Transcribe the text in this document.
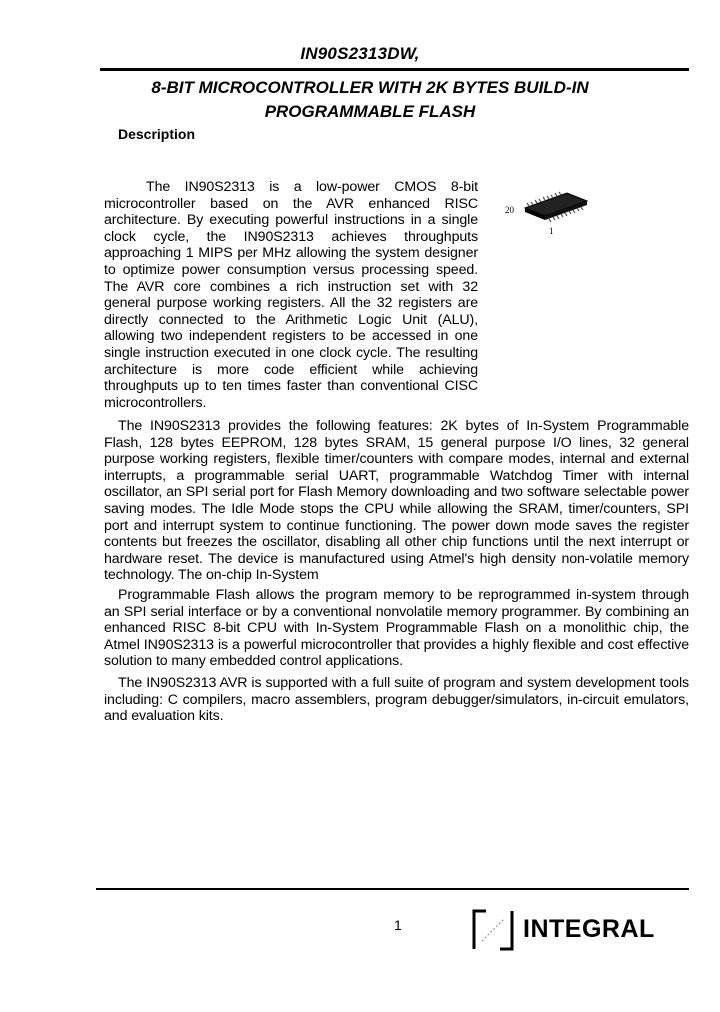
IN90S2313DW,
8-BIT MICROCONTROLLER WITH 2K BYTES BUILD-IN
PROGRAMMABLE FLASH
Description

The IN90S2313 is a low-power CMOS 8-bit microcontroller based on the AVR enhanced RISC architecture. By executing powerful instructions in a single clock cycle, the IN90S2313 achieves throughputs approaching 1 MIPS per MHz allowing the system designer to optimize power consumption versus processing speed. The AVR core combines a rich instruction set with 32 general purpose working registers. All the 32 registers are directly connected to the Arithmetic Logic Unit (ALU), allowing two independent registers to be accessed in one single instruction executed in one clock cycle. The resulting architecture is more code efficient while achieving throughputs up to ten times faster than conventional CISC microcontrollers.

20
1

The IN90S2313 provides the following features: 2K bytes of In-System Programmable Flash, 128 bytes EEPROM, 128 bytes SRAM, 15 general purpose I/O lines, 32 general purpose working registers, flexible timer/counters with compare modes, internal and external interrupts, a programmable serial UART, programmable Watchdog Timer with internal oscillator, an SPI serial port for Flash Memory downloading and two software selectable power saving modes. The Idle Mode stops the CPU while allowing the SRAM, timer/counters, SPI port and interrupt system to continue functioning. The power down mode saves the register contents but freezes the oscillator, disabling all other chip functions until the next interrupt or hardware reset. The device is manufactured using Atmel's high density non-volatile memory technology. The on-chip In-System

Programmable Flash allows the program memory to be reprogrammed in-system through an SPI serial interface or by a conventional nonvolatile memory programmer. By combining an enhanced RISC 8-bit CPU with In-System Programmable Flash on a monolithic chip, the Atmel IN90S2313 is a powerful microcontroller that provides a highly flexible and cost effective solution to many embedded control applications.

The IN90S2313 AVR is supported with a full suite of program and system development tools including: C compilers, macro assemblers, program debugger/simulators, in-circuit emulators, and evaluation kits.

1	INTEGRAL
